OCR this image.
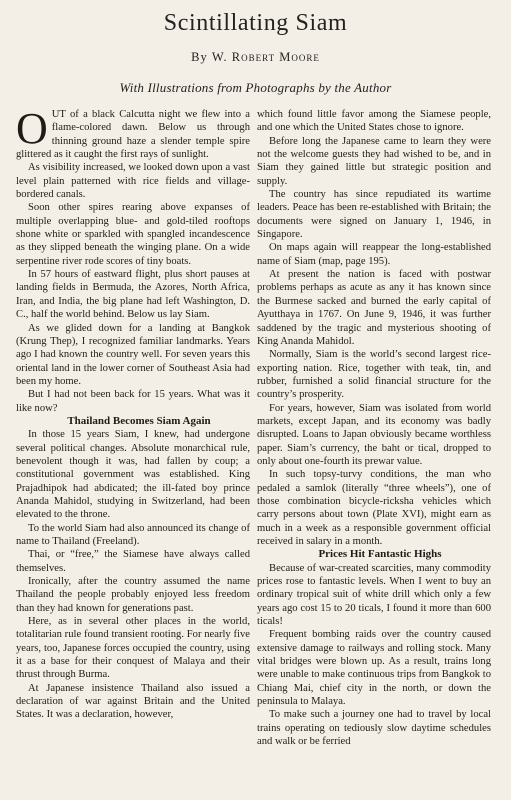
Scintillating Siam
By W. Robert Moore
With Illustrations from Photographs by the Author

OUT of a black Calcutta night we flew into a flame-colored dawn. Below us through thinning ground haze a slender temple spire glittered as it caught the first rays of sunlight.

As visibility increased, we looked down upon a vast level plain patterned with rice fields and village-bordered canals.

Soon other spires rearing above expanses of multiple overlapping blue- and gold-tiled rooftops shone white or sparkled with spangled incandescence as they slipped beneath the winging plane. On a wide serpentine river rode scores of tiny boats.

In 57 hours of eastward flight, plus short pauses at landing fields in Bermuda, the Azores, North Africa, Iran, and India, the big plane had left Washington, D. C., half the world behind. Below us lay Siam.

As we glided down for a landing at Bangkok (Krung Thep), I recognized familiar landmarks. Years ago I had known the country well. For seven years this oriental land in the lower corner of Southeast Asia had been my home.

But I had not been back for 15 years. What was it like now?

Thailand Becomes Siam Again

In those 15 years Siam, I knew, had undergone several political changes. Absolute monarchical rule, benevolent though it was, had fallen by coup; a constitutional government was established. King Prajadhipok had abdicated; the ill-fated boy prince Ananda Mahidol, studying in Switzerland, had been elevated to the throne.

To the world Siam had also announced its change of name to Thailand (Freeland).

Thai, or “free,” the Siamese have always called themselves.

Ironically, after the country assumed the name Thailand the people probably enjoyed less freedom than they had known for generations past.

Here, as in several other places in the world, totalitarian rule found transient rooting. For nearly five years, too, Japanese forces occupied the country, using it as a base for their conquest of Malaya and their thrust through Burma.

At Japanese insistence Thailand also issued a declaration of war against Britain and the United States. It was a declaration, however,

which found little favor among the Siamese people, and one which the United States chose to ignore.

Before long the Japanese came to learn they were not the welcome guests they had wished to be, and in Siam they gained little but strategic position and supply.

The country has since repudiated its wartime leaders. Peace has been re-established with Britain; the documents were signed on January 1, 1946, in Singapore.

On maps again will reappear the long-established name of Siam (map, page 195).

At present the nation is faced with postwar problems perhaps as acute as any it has known since the Burmese sacked and burned the early capital of Ayutthaya in 1767. On June 9, 1946, it was further saddened by the tragic and mysterious shooting of King Ananda Mahidol.

Normally, Siam is the world’s second largest rice-exporting nation. Rice, together with teak, tin, and rubber, furnished a solid financial structure for the country’s prosperity.

For years, however, Siam was isolated from world markets, except Japan, and its economy was badly disrupted. Loans to Japan obviously became worthless paper. Siam’s currency, the baht or tical, dropped to only about one-fourth its prewar value.

In such topsy-turvy conditions, the man who pedaled a samlok (literally “three wheels”), one of those combination bicycle-ricksha vehicles which carry persons about town (Plate XVI), might earn as much in a week as a responsible government official received in salary in a month.

Prices Hit Fantastic Highs

Because of war-created scarcities, many commodity prices rose to fantastic levels. When I went to buy an ordinary tropical suit of white drill which only a few years ago cost 15 to 20 ticals, I found it more than 600 ticals!

Frequent bombing raids over the country caused extensive damage to railways and rolling stock. Many vital bridges were blown up. As a result, trains long were unable to make continuous trips from Bangkok to Chiang Mai, chief city in the north, or down the peninsula to Malaya.

To make such a journey one had to travel by local trains operating on tediously slow daytime schedules and walk or be ferried
